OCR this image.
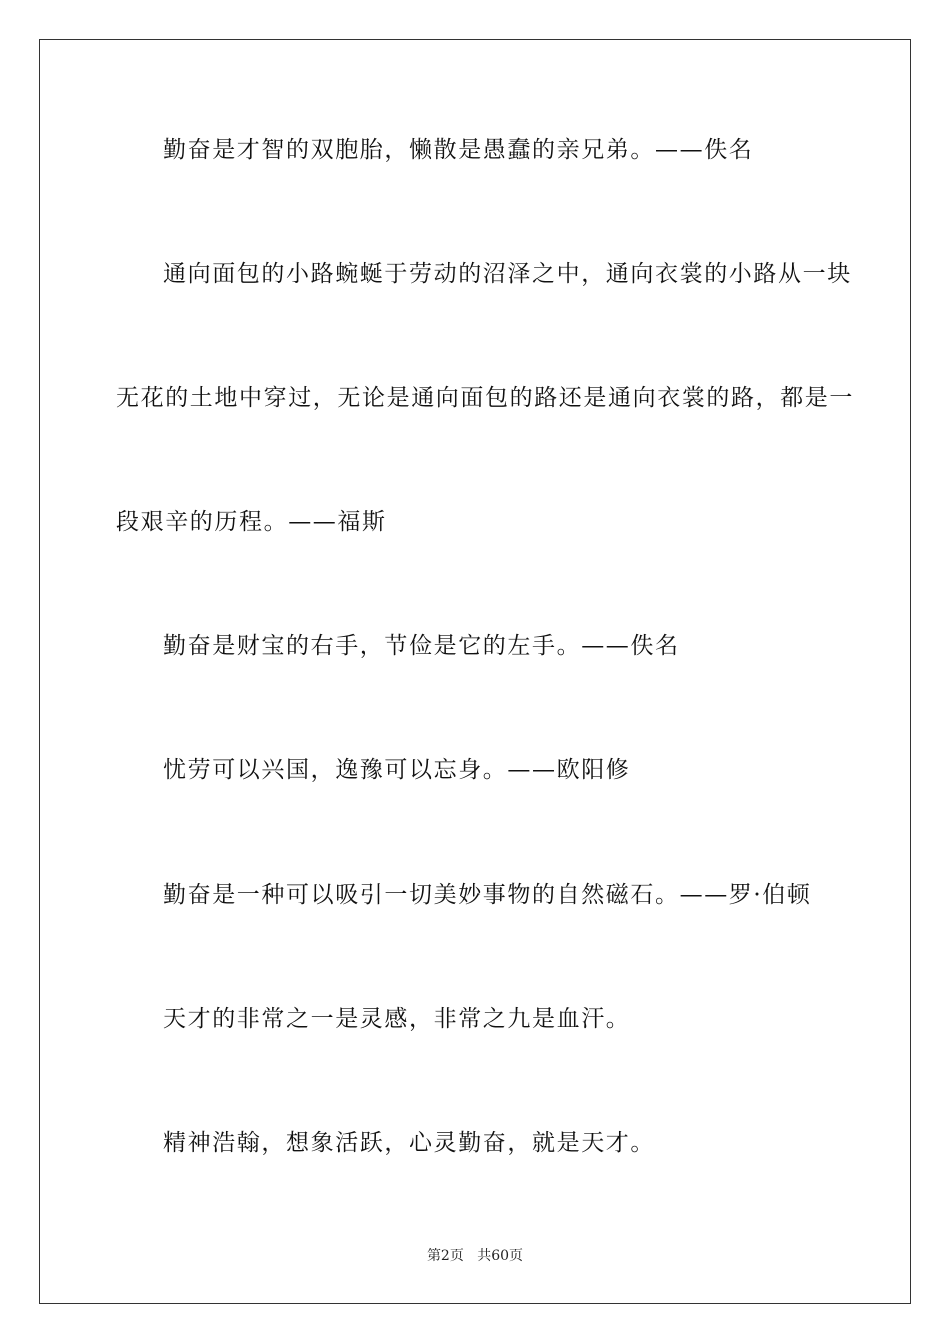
勤奋是才智的双胞胎，懒散是愚蠢的亲兄弟。——佚名
通向面包的小路蜿蜒于劳动的沼泽之中，通向衣裳的小路从一块
无花的土地中穿过，无论是通向面包的路还是通向衣裳的路，都是一
段艰辛的历程。——福斯
勤奋是财宝的右手，节俭是它的左手。——佚名
忧劳可以兴国，逸豫可以忘身。——欧阳修
勤奋是一种可以吸引一切美妙事物的自然磁石。——罗·伯顿
天才的非常之一是灵感，非常之九是血汗。
精神浩翰，想象活跃，心灵勤奋，就是天才。
第2页 共60页
